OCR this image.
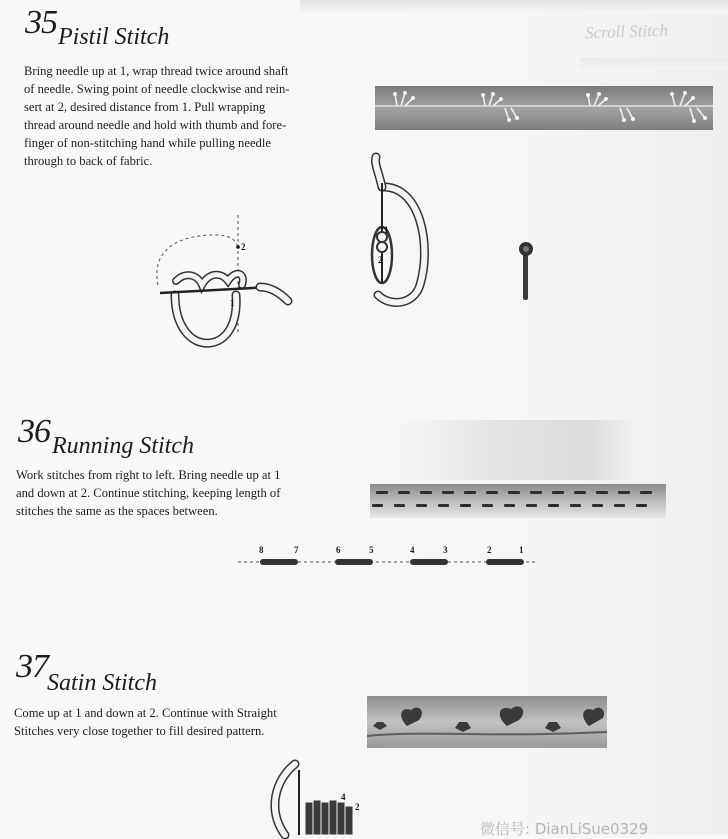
Scroll Stitch
35 Pistil Stitch
Bring needle up at 1, wrap thread twice around shaft
of needle. Swing point of needle clockwise and rein-
sert at 2, desired distance from 1. Pull wrapping
thread around needle and hold with thumb and fore-
finger of non-stitching hand while pulling needle
through to back of fabric.
2
1
1
2
36 Running Stitch
Work stitches from right to left. Bring needle up at 1
and down at 2. Continue stitching, keeping length of
stitches the same as the spaces between.
8	7	6	5	4	3	2	1
37 Satin Stitch
Come up at 1 and down at 2. Continue with Straight
Stitches very close together to fill desired pattern.
4
2
微信号: DianLiSue0329
